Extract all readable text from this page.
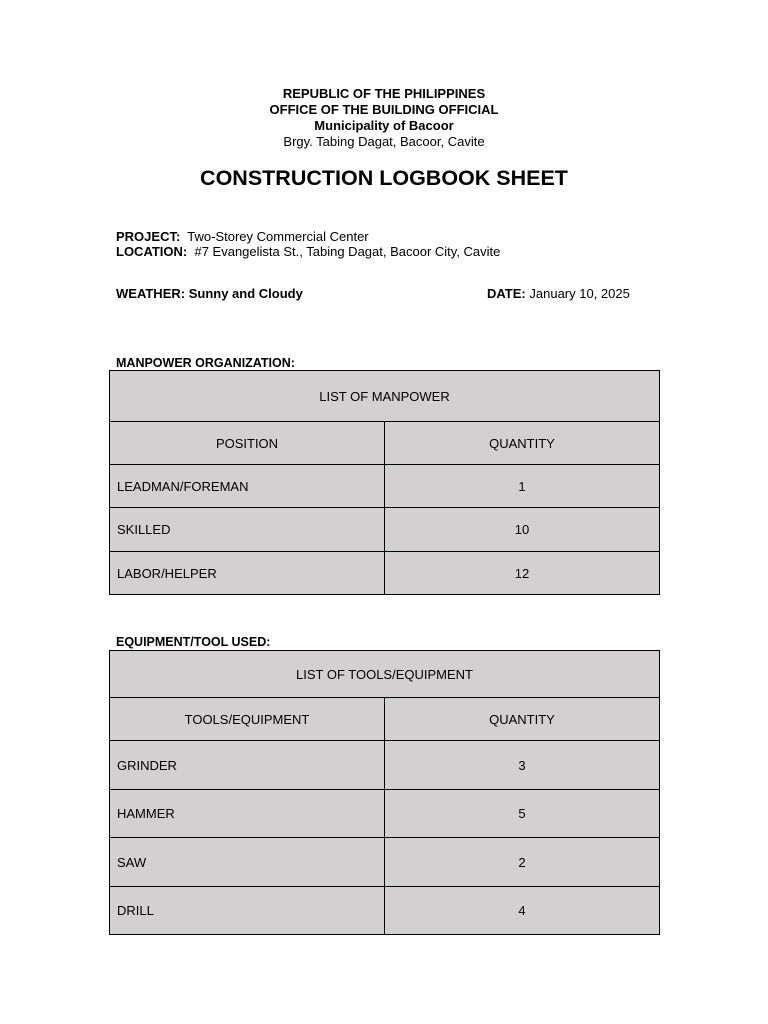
REPUBLIC OF THE PHILIPPINES
OFFICE OF THE BUILDING OFFICIAL
Municipality of Bacoor
Brgy. Tabing Dagat, Bacoor, Cavite
CONSTRUCTION LOGBOOK SHEET
PROJECT: Two-Storey Commercial Center
LOCATION: #7 Evangelista St., Tabing Dagat, Bacoor City, Cavite
WEATHER: Sunny and Cloudy	DATE: January 10, 2025
MANPOWER ORGANIZATION:
LIST OF MANPOWER	
POSITION	QUANTITY
LEADMAN/FOREMAN	1
SKILLED	10
LABOR/HELPER	12
EQUIPMENT/TOOL USED:
LIST OF TOOLS/EQUIPMENT	
TOOLS/EQUIPMENT	QUANTITY
GRINDER	3
HAMMER	5
SAW	2
DRILL	4
